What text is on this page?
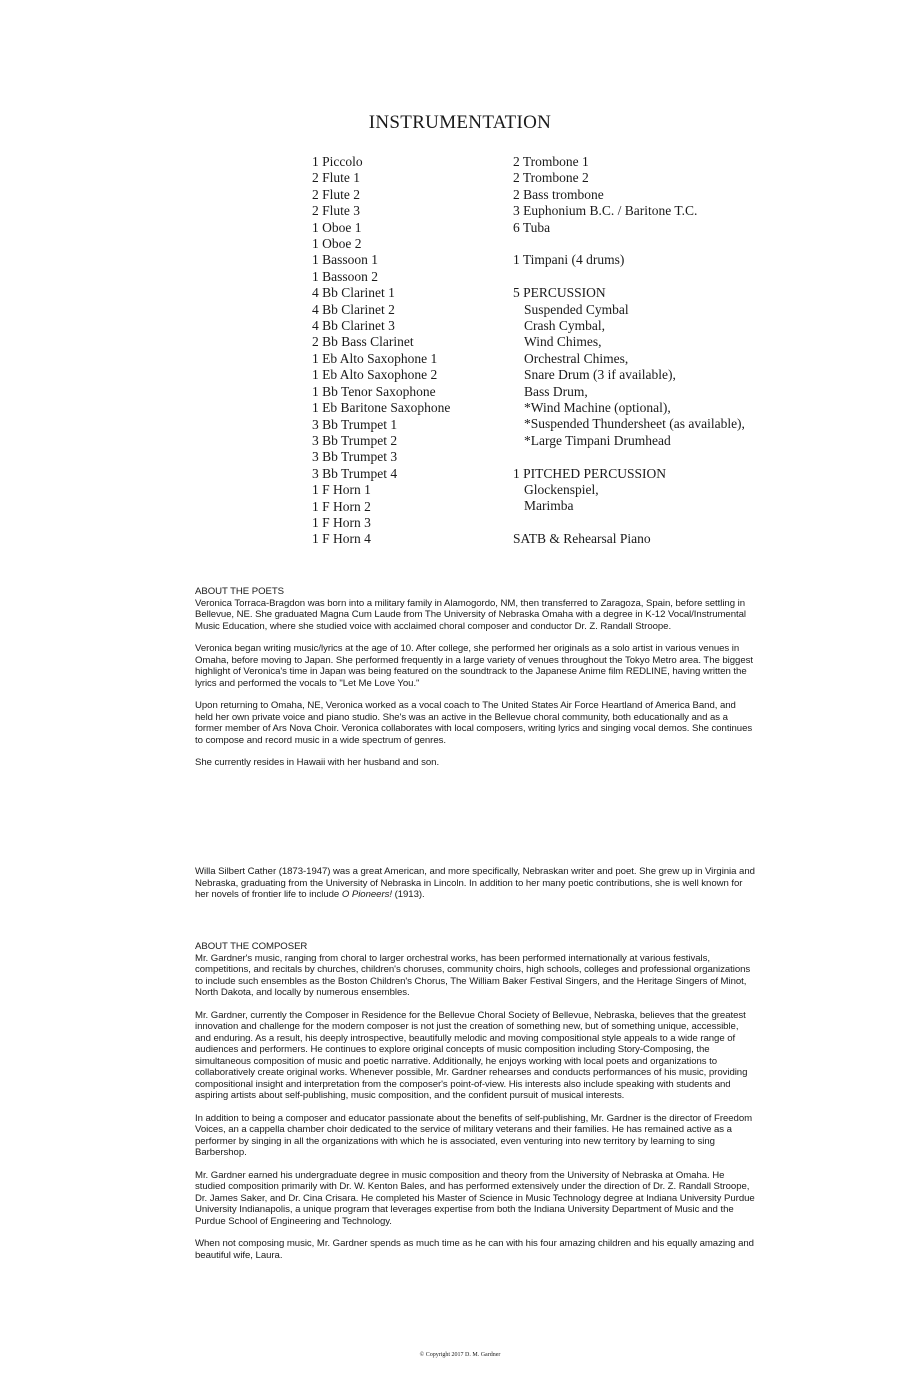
INSTRUMENTATION
1 Piccolo
2 Flute 1
2 Flute 2
2 Flute 3
1 Oboe 1
1 Oboe 2
1 Bassoon 1
1 Bassoon 2
4 Bb Clarinet 1
4 Bb Clarinet 2
4 Bb Clarinet 3
2 Bb Bass Clarinet
1 Eb Alto Saxophone 1
1 Eb Alto Saxophone 2
1 Bb Tenor Saxophone
1 Eb Baritone Saxophone
3 Bb Trumpet 1
3 Bb Trumpet 2
3 Bb Trumpet 3
3 Bb Trumpet 4
1 F Horn 1
1 F Horn 2
1 F Horn 3
1 F Horn 4
2 Trombone 1
2 Trombone 2
2 Bass trombone
3 Euphonium B.C. / Baritone T.C.
6 Tuba
1 Timpani (4 drums)
5 PERCUSSION
Suspended Cymbal
Crash Cymbal,
Wind Chimes,
Orchestral Chimes,
Snare Drum (3 if available),
Bass Drum,
*Wind Machine (optional),
*Suspended Thundersheet (as available),
*Large Timpani Drumhead
1 PITCHED PERCUSSION
Glockenspiel,
Marimba
SATB & Rehearsal Piano
ABOUT THE POETS

Veronica Torraca-Bragdon was born into a military family in Alamogordo, NM, then transferred to Zaragoza, Spain, before settling in Bellevue, NE. She graduated Magna Cum Laude from The University of Nebraska Omaha with a degree in K-12 Vocal/Instrumental Music Education, where she studied voice with acclaimed choral composer and conductor Dr. Z. Randall Stroope.

Veronica began writing music/lyrics at the age of 10. After college, she performed her originals as a solo artist in various venues in Omaha, before moving to Japan. She performed frequently in a large variety of venues throughout the Tokyo Metro area. The biggest highlight of Veronica's time in Japan was being featured on the soundtrack to the Japanese Anime film REDLINE, having written the lyrics and performed the vocals to "Let Me Love You."

Upon returning to Omaha, NE, Veronica worked as a vocal coach to The United States Air Force Heartland of America Band, and held her own private voice and piano studio. She's was an active in the Bellevue choral community, both educationally and as a former member of Ars Nova Choir. Veronica collaborates with local composers, writing lyrics and singing vocal demos. She continues to compose and record music in a wide spectrum of genres.

She currently resides in Hawaii with her husband and son.

Willa Silbert Cather (1873-1947) was a great American, and more specifically, Nebraskan writer and poet. She grew up in Virginia and Nebraska, graduating from the University of Nebraska in Lincoln. In addition to her many poetic contributions, she is well known for her novels of frontier life to include O Pioneers! (1913).

ABOUT THE COMPOSER

Mr. Gardner's music, ranging from choral to larger orchestral works, has been performed internationally at various festivals, competitions, and recitals by churches, children's choruses, community choirs, high schools, colleges and professional organizations to include such ensembles as the Boston Children's Chorus, The William Baker Festival Singers, and the Heritage Singers of Minot, North Dakota, and locally by numerous ensembles.

Mr. Gardner, currently the Composer in Residence for the Bellevue Choral Society of Bellevue, Nebraska, believes that the greatest innovation and challenge for the modern composer is not just the creation of something new, but of something unique, accessible, and enduring. As a result, his deeply introspective, beautifully melodic and moving compositional style appeals to a wide range of audiences and performers. He continues to explore original concepts of music composition including Story-Composing, the simultaneous composition of music and poetic narrative. Additionally, he enjoys working with local poets and organizations to collaboratively create original works. Whenever possible, Mr. Gardner rehearses and conducts performances of his music, providing compositional insight and interpretation from the composer's point-of-view. His interests also include speaking with students and aspiring artists about self-publishing, music composition, and the confident pursuit of musical interests.

In addition to being a composer and educator passionate about the benefits of self-publishing, Mr. Gardner is the director of Freedom Voices, an a cappella chamber choir dedicated to the service of military veterans and their families. He has remained active as a performer by singing in all the organizations with which he is associated, even venturing into new territory by learning to sing Barbershop.

Mr. Gardner earned his undergraduate degree in music composition and theory from the University of Nebraska at Omaha. He studied composition primarily with Dr. W. Kenton Bales, and has performed extensively under the direction of Dr. Z. Randall Stroope, Dr. James Saker, and Dr. Cina Crisara. He completed his Master of Science in Music Technology degree at Indiana University Purdue University Indianapolis, a unique program that leverages expertise from both the Indiana University Department of Music and the Purdue School of Engineering and Technology.

When not composing music, Mr. Gardner spends as much time as he can with his four amazing children and his equally amazing and beautiful wife, Laura.

© Copyright 2017 D. M. Gardner
